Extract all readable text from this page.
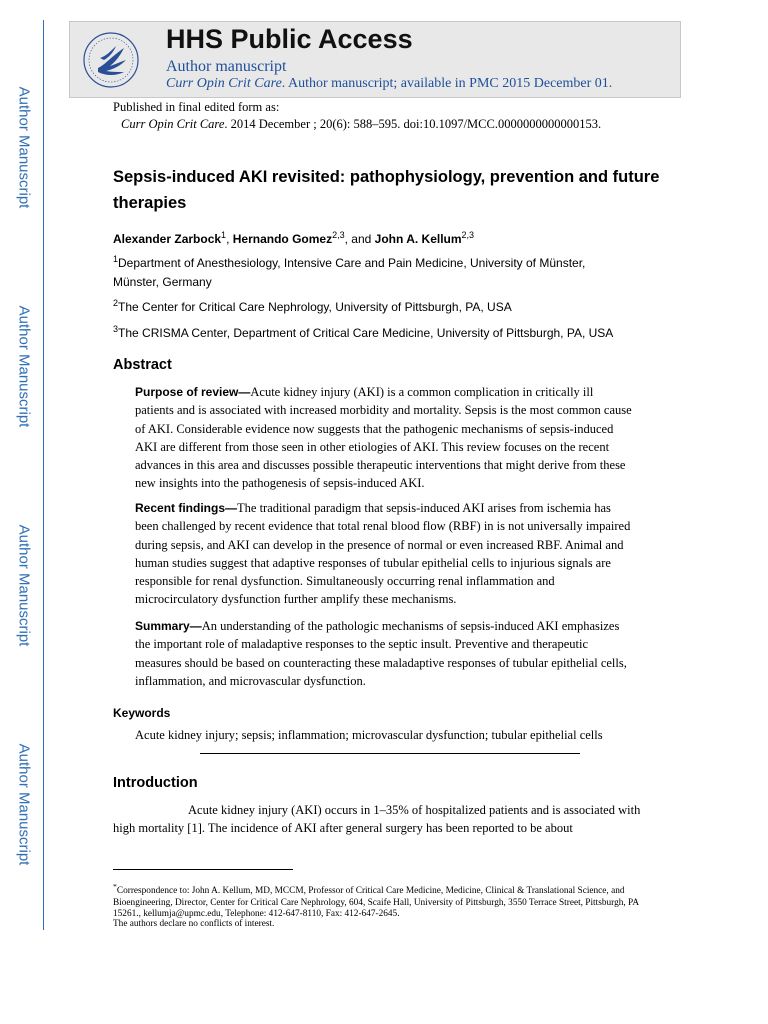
Author Manuscript
Author Manuscript
Author Manuscript
Author Manuscript
HHS Public Access
Author manuscript
Curr Opin Crit Care. Author manuscript; available in PMC 2015 December 01.
Published in final edited form as:
Curr Opin Crit Care. 2014 December ; 20(6): 588–595. doi:10.1097/MCC.0000000000000153.
Sepsis-induced AKI revisited: pathophysiology, prevention and future therapies
Alexander Zarbock$^1$, Hernando Gomez$^{2,3}$, and John A. Kellum$^{2,3}$
$^1$Department of Anesthesiology, Intensive Care and Pain Medicine, University of Münster, Münster, Germany
$^2$The Center for Critical Care Nephrology, University of Pittsburgh, PA, USA
$^3$The CRISMA Center, Department of Critical Care Medicine, University of Pittsburgh, PA, USA
Abstract
Purpose of review—Acute kidney injury (AKI) is a common complication in critically ill patients and is associated with increased morbidity and mortality. Sepsis is the most common cause of AKI. Considerable evidence now suggests that the pathogenic mechanisms of sepsis-induced AKI are different from those seen in other etiologies of AKI. This review focuses on the recent advances in this area and discusses possible therapeutic interventions that might derive from these new insights into the pathogenesis of sepsis-induced AKI.
Recent findings—The traditional paradigm that sepsis-induced AKI arises from ischemia has been challenged by recent evidence that total renal blood flow (RBF) in is not universally impaired during sepsis, and AKI can develop in the presence of normal or even increased RBF. Animal and human studies suggest that adaptive responses of tubular epithelial cells to injurious signals are responsible for renal dysfunction. Simultaneously occurring renal inflammation and microcirculatory dysfunction further amplify these mechanisms.
Summary—An understanding of the pathologic mechanisms of sepsis-induced AKI emphasizes the important role of maladaptive responses to the septic insult. Preventive and therapeutic measures should be based on counteracting these maladaptive responses of tubular epithelial cells, inflammation, and microvascular dysfunction.
Keywords
Acute kidney injury; sepsis; inflammation; microvascular dysfunction; tubular epithelial cells
Introduction
Acute kidney injury (AKI) occurs in 1–35% of hospitalized patients and is associated with high mortality [1]. The incidence of AKI after general surgery has been reported to be about
*Correspondence to: John A. Kellum, MD, MCCM, Professor of Critical Care Medicine, Medicine, Clinical & Translational Science, and Bioengineering, Director, Center for Critical Care Nephrology, 604, Scaife Hall, University of Pittsburgh, 3550 Terrace Street, Pittsburgh, PA 15261., kellumja@upmc.edu, Telephone: 412-647-8110, Fax: 412-647-2645.
The authors declare no conflicts of interest.
